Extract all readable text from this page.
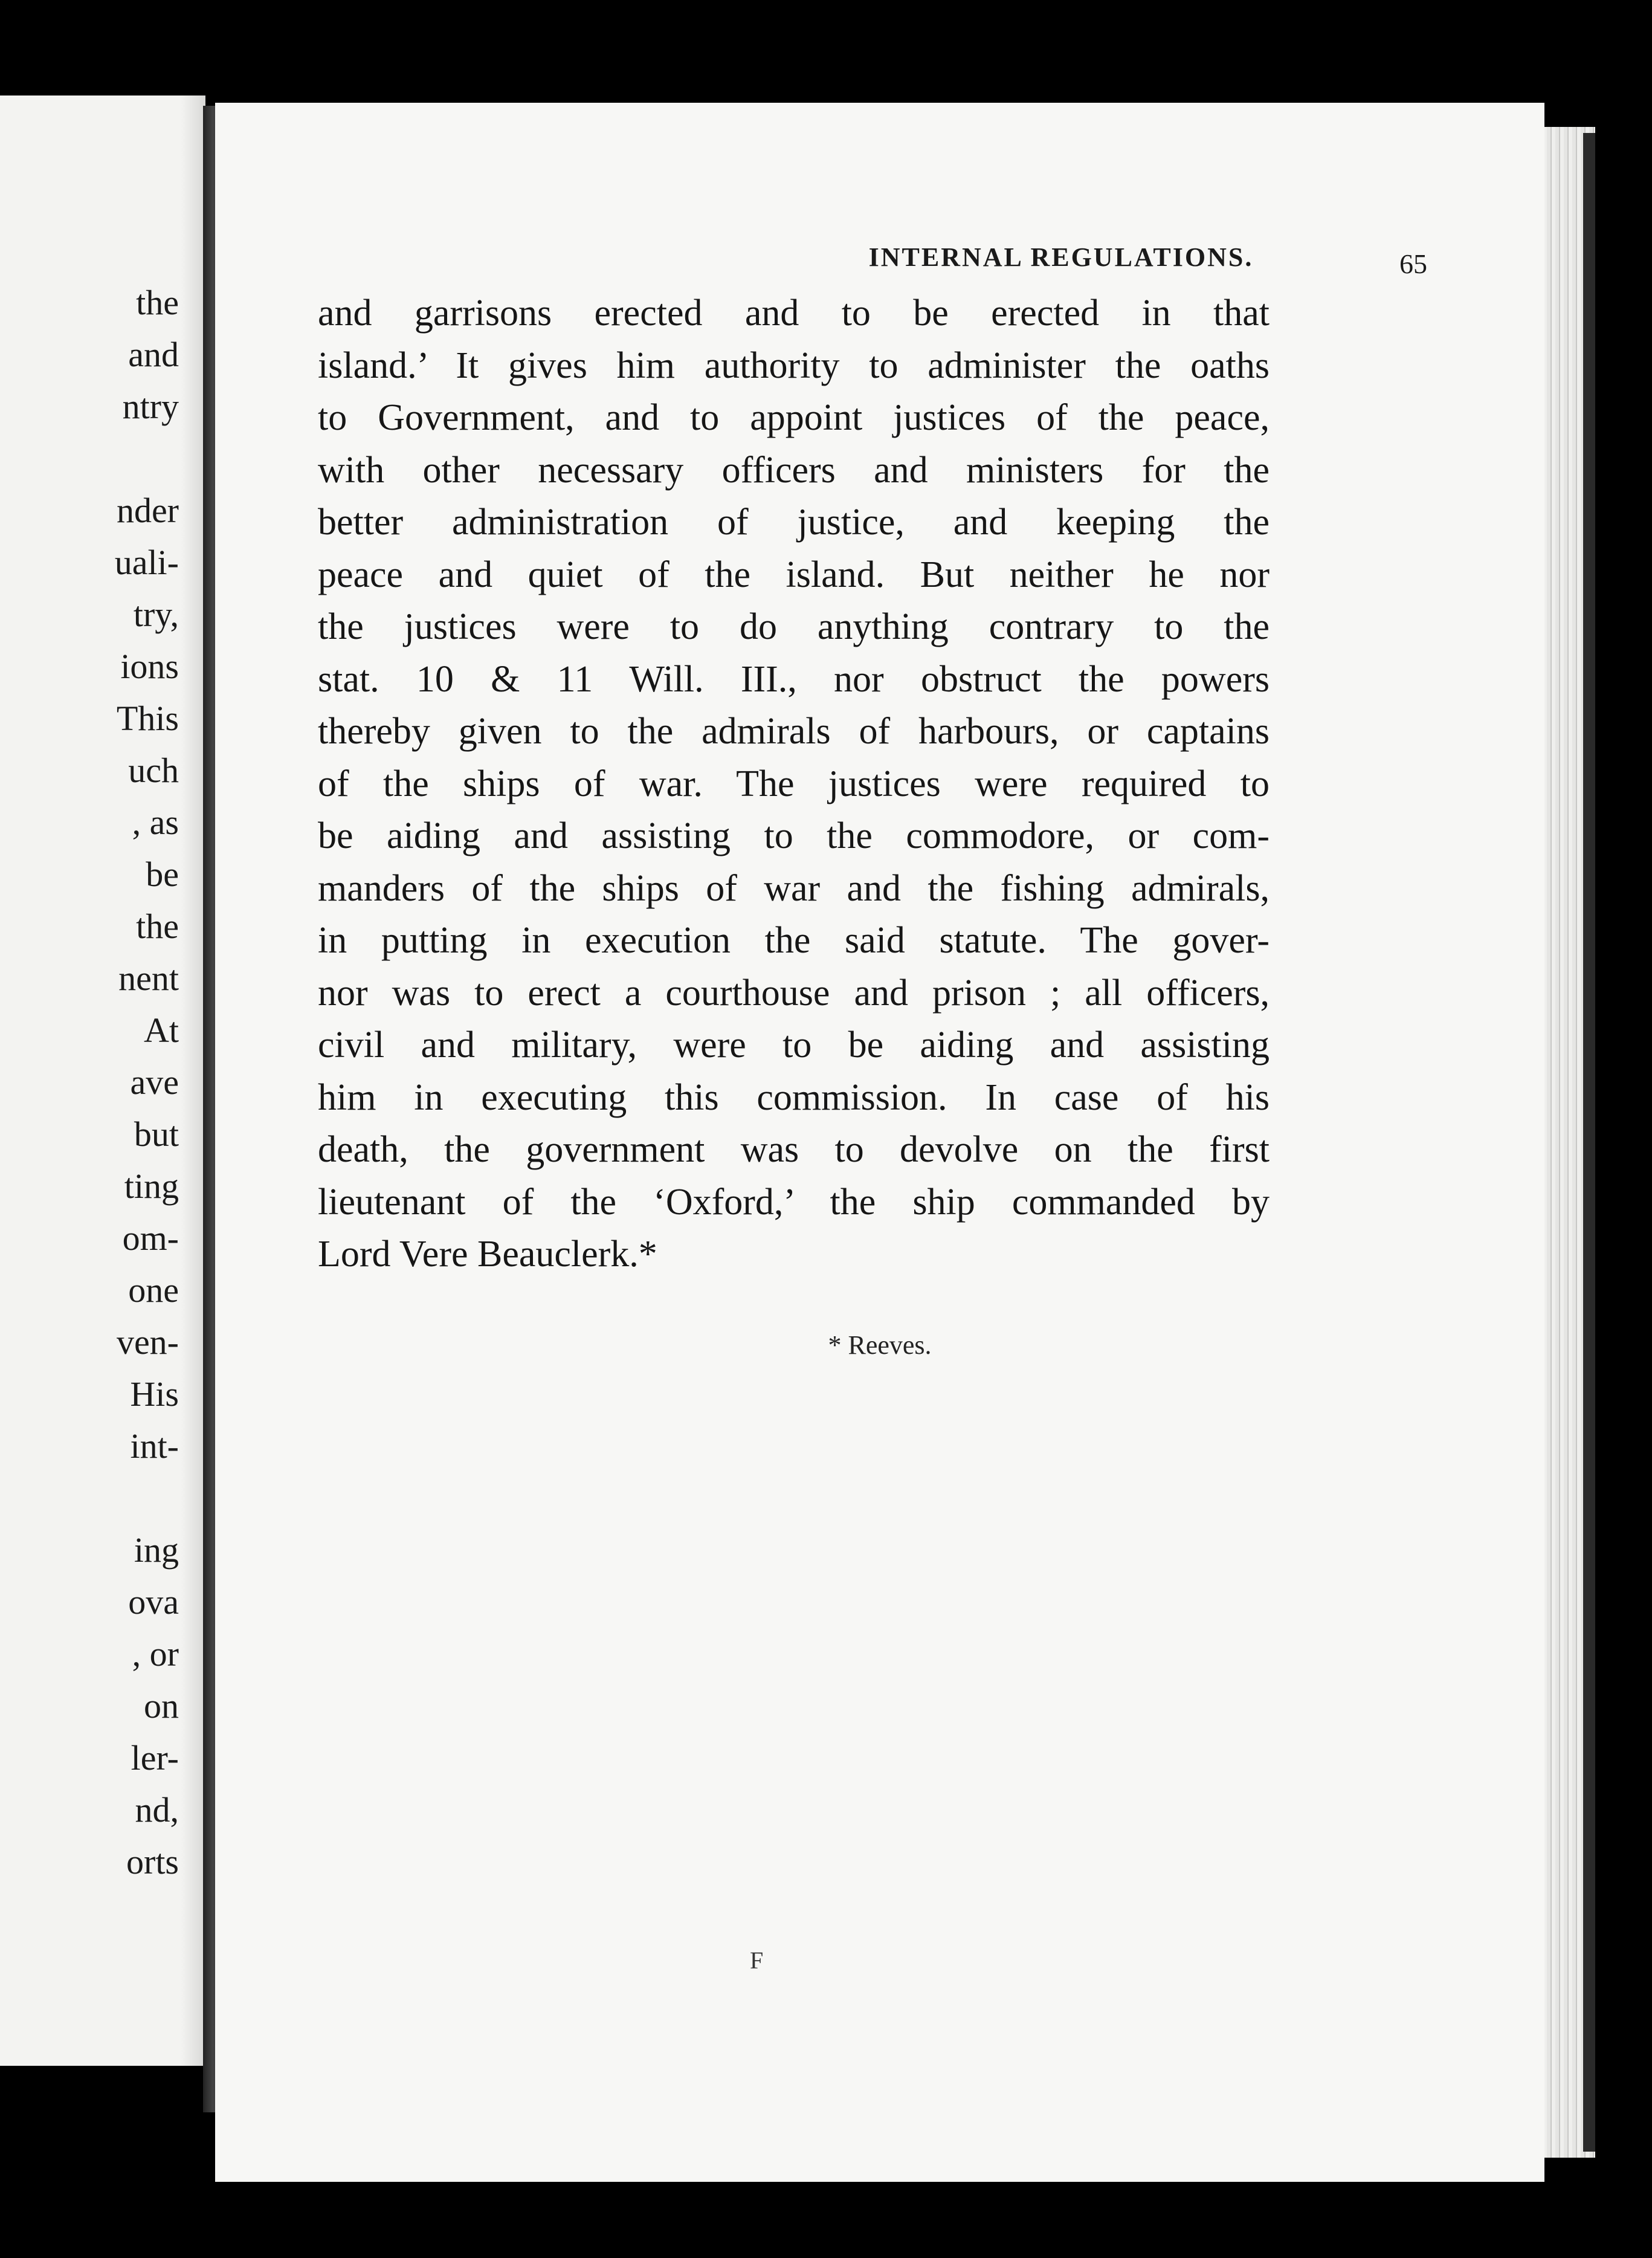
the
and
ntry

nder
uali-
try,
ions
This
uch
, as
be
the
nent
At
ave
but
ting
om-
one
ven-
His
int-

ing
ova
, or
on
ler-
nd,
orts
INTERNAL REGULATIONS.	65
and garrisons erected and to be erected in that
island.’ It gives him authority to administer the oaths
to Government, and to appoint justices of the peace,
with other necessary officers and ministers for the
better administration of justice, and keeping the
peace and quiet of the island. But neither he nor
the justices were to do anything contrary to the
stat. 10 & 11 Will. III., nor obstruct the powers
thereby given to the admirals of harbours, or captains
of the ships of war. The justices were required to
be aiding and assisting to the commodore, or com-
manders of the ships of war and the fishing admirals,
in putting in execution the said statute. The gover-
nor was to erect a courthouse and prison ; all officers,
civil and military, were to be aiding and assisting
him in executing this commission. In case of his
death, the government was to devolve on the first
lieutenant of the ‘Oxford,’ the ship commanded by
Lord Vere Beauclerk.*
* Reeves.
F
